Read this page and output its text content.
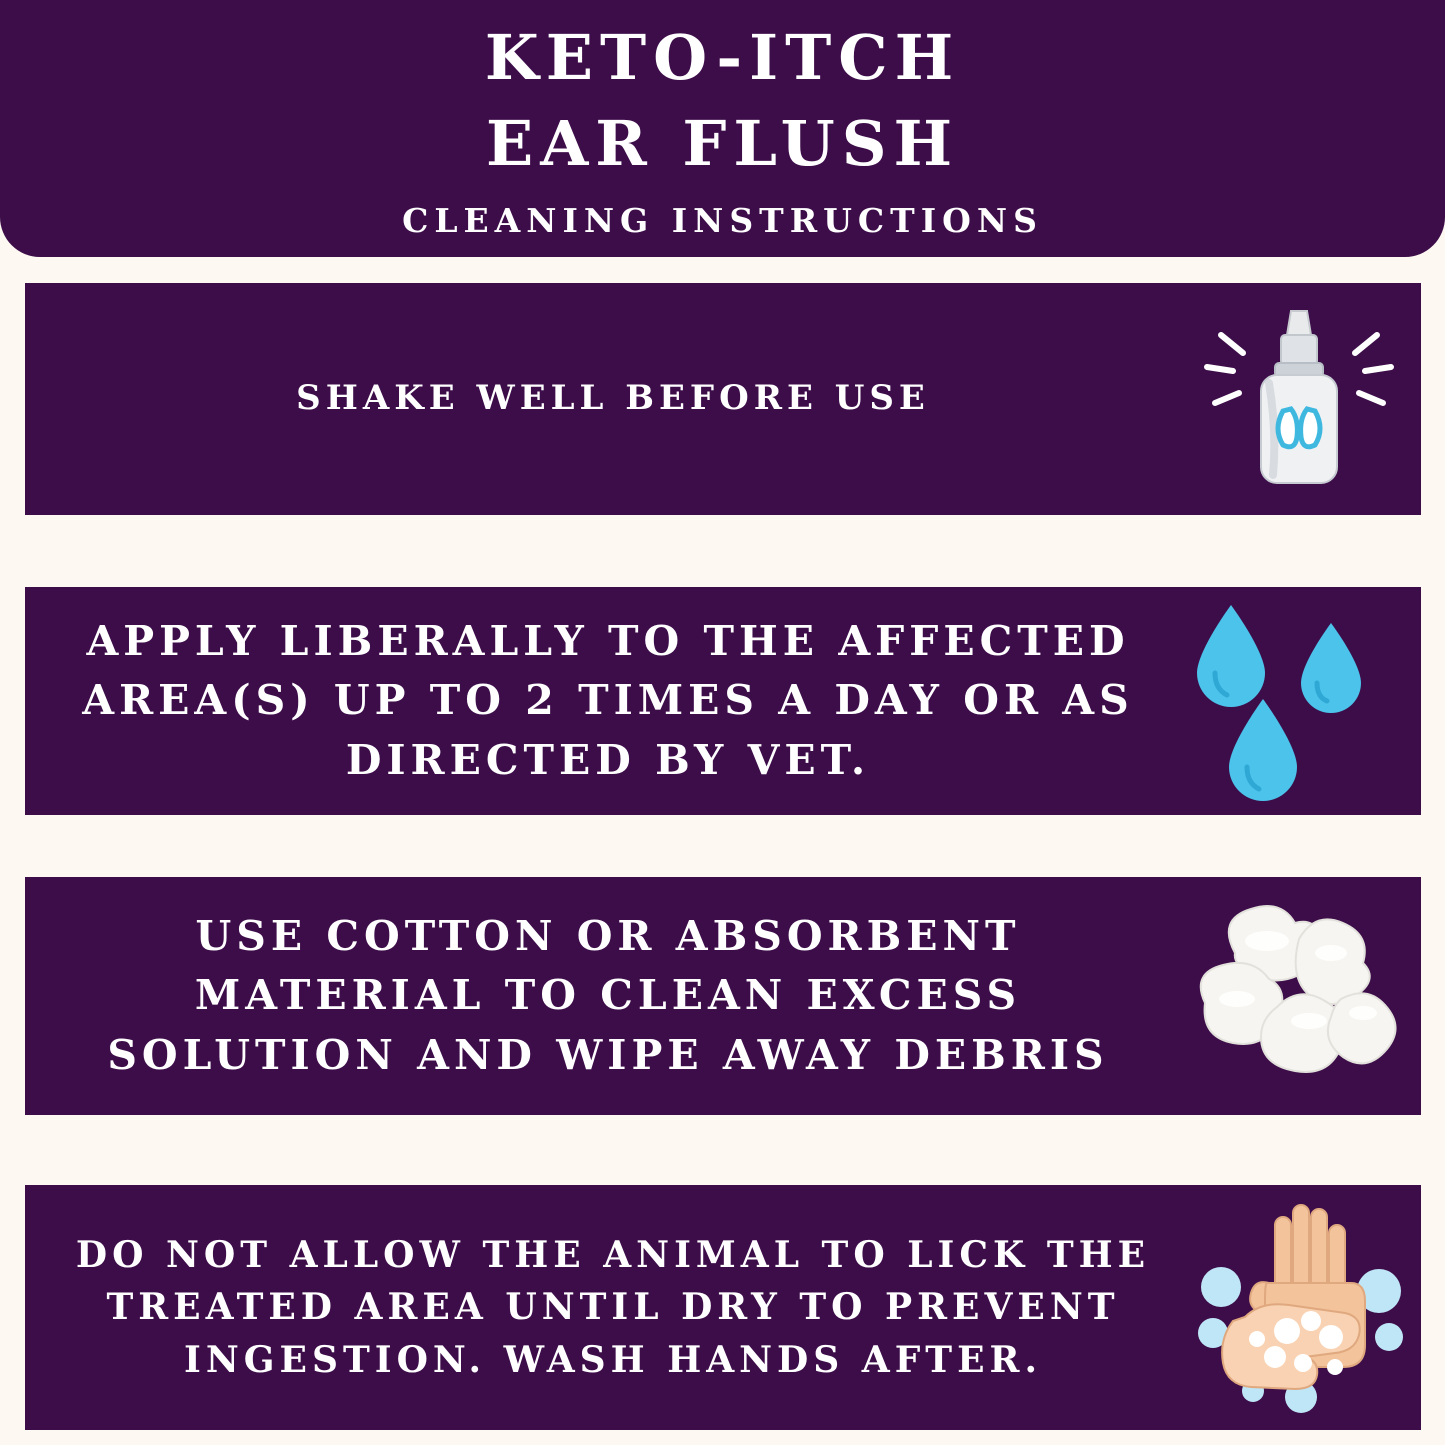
KETO-ITCH
EAR FLUSH
CLEANING INSTRUCTIONS
SHAKE WELL BEFORE USE
APPLY LIBERALLY TO THE AFFECTED AREA(S) UP TO 2 TIMES A DAY OR AS DIRECTED BY VET.
USE COTTON OR ABSORBENT MATERIAL TO CLEAN EXCESS SOLUTION AND WIPE AWAY DEBRIS
DO NOT ALLOW THE ANIMAL TO LICK THE TREATED AREA UNTIL DRY TO PREVENT INGESTION. WASH HANDS AFTER.
